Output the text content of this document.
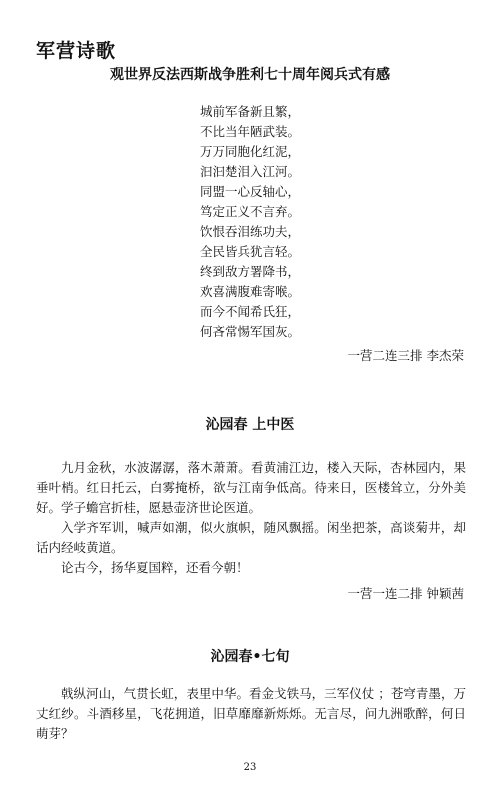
军营诗歌
观世界反法西斯战争胜利七十周年阅兵式有感
城前军备新且繁，
不比当年陋武装。
万万同胞化红泥，
汩汩楚泪入江河。
同盟一心反轴心，
笃定正义不言弃。
饮恨吞泪练功夫，
全民皆兵犹言轻。
终到敌方署降书，
欢喜满腹难寄喉。
而今不闻希氏狂，
何吝常惕军国灰。
一营二连三排 李杰荣
沁园春 上中医
九月金秋，水波潺潺，落木萧萧。看黄浦江边，楼入天际，杏林园内，果垂叶梢。红日托云，白雾掩桥，欲与江南争低高。待来日，医楼耸立，分外美好。 学子蟾宫折桂，愿悬壶济世论医道。
入学齐军训，喊声如潮，似火旗帜，随风飘摇。闲坐把茶，高谈菊井，却话内经岐黄道。
论古今，扬华夏国粹，还看今朝！
一营一连二排 钟颖茜
沁园春•七旬
戟纵河山，气贯长虹，表里中华。看金戈铁马，三军仪仗 ；苍穹青墨，万丈红纱。斗酒移星，飞花拥道，旧草靡靡新烁烁。无言尽，问九洲歌醉，何日萌芽？
23
